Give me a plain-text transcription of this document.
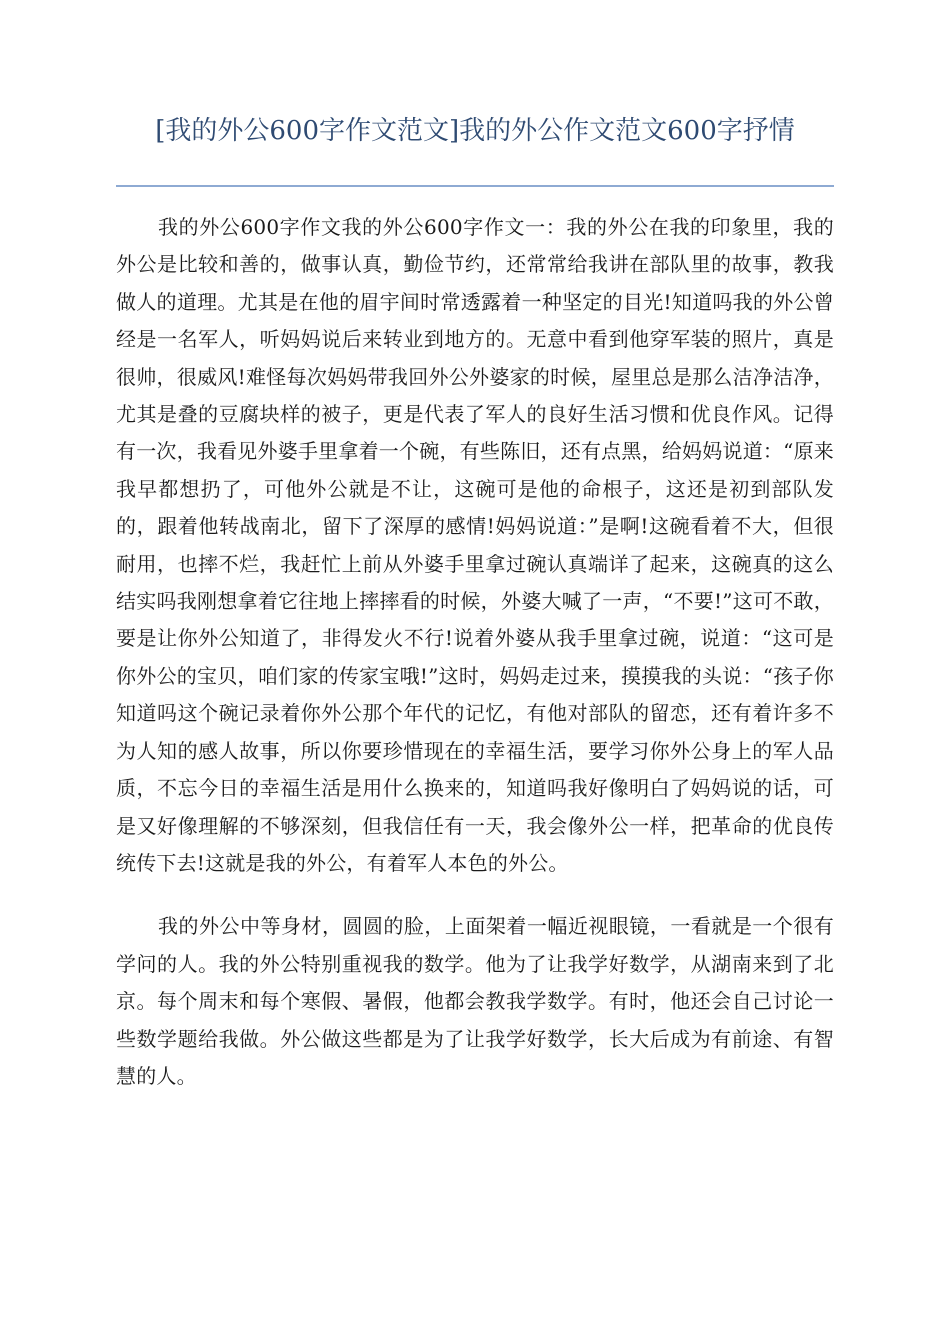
[我的外公600字作文范文]我的外公作文范文600字抒情

我的外公600字作文我的外公600字作文一：我的外公在我的印象里，我的外公是比较和善的，做事认真，勤俭节约，还常常给我讲在部队里的故事，教我做人的道理。尤其是在他的眉宇间时常透露着一种坚定的目光!知道吗我的外公曾经是一名军人，听妈妈说后来转业到地方的。无意中看到他穿军装的照片，真是很帅，很威风!难怪每次妈妈带我回外公外婆家的时候，屋里总是那么洁净洁净，尤其是叠的豆腐块样的被子，更是代表了军人的良好生活习惯和优良作风。记得有一次，我看见外婆手里拿着一个碗，有些陈旧，还有点黑，给妈妈说道：“原来我早都想扔了，可他外公就是不让，这碗可是他的命根子，这还是初到部队发的，跟着他转战南北，留下了深厚的感情!妈妈说道：”是啊!这碗看着不大，但很耐用，也摔不烂，我赶忙上前从外婆手里拿过碗认真端详了起来，这碗真的这么结实吗我刚想拿着它往地上摔摔看的时候，外婆大喊了一声，“不要!”这可不敢，要是让你外公知道了，非得发火不行!说着外婆从我手里拿过碗，说道：“这可是你外公的宝贝，咱们家的传家宝哦!”这时，妈妈走过来，摸摸我的头说：“孩子你知道吗这个碗记录着你外公那个年代的记忆，有他对部队的留恋，还有着许多不为人知的感人故事，所以你要珍惜现在的幸福生活，要学习你外公身上的军人品质，不忘今日的幸福生活是用什么换来的，知道吗我好像明白了妈妈说的话，可是又好像理解的不够深刻，但我信任有一天，我会像外公一样，把革命的优良传统传下去!这就是我的外公，有着军人本色的外公。

我的外公中等身材，圆圆的脸，上面架着一幅近视眼镜，一看就是一个很有学问的人。我的外公特别重视我的数学。他为了让我学好数学，从湖南来到了北京。每个周末和每个寒假、暑假，他都会教我学数学。有时，他还会自己讨论一些数学题给我做。外公做这些都是为了让我学好数学，长大后成为有前途、有智慧的人。
